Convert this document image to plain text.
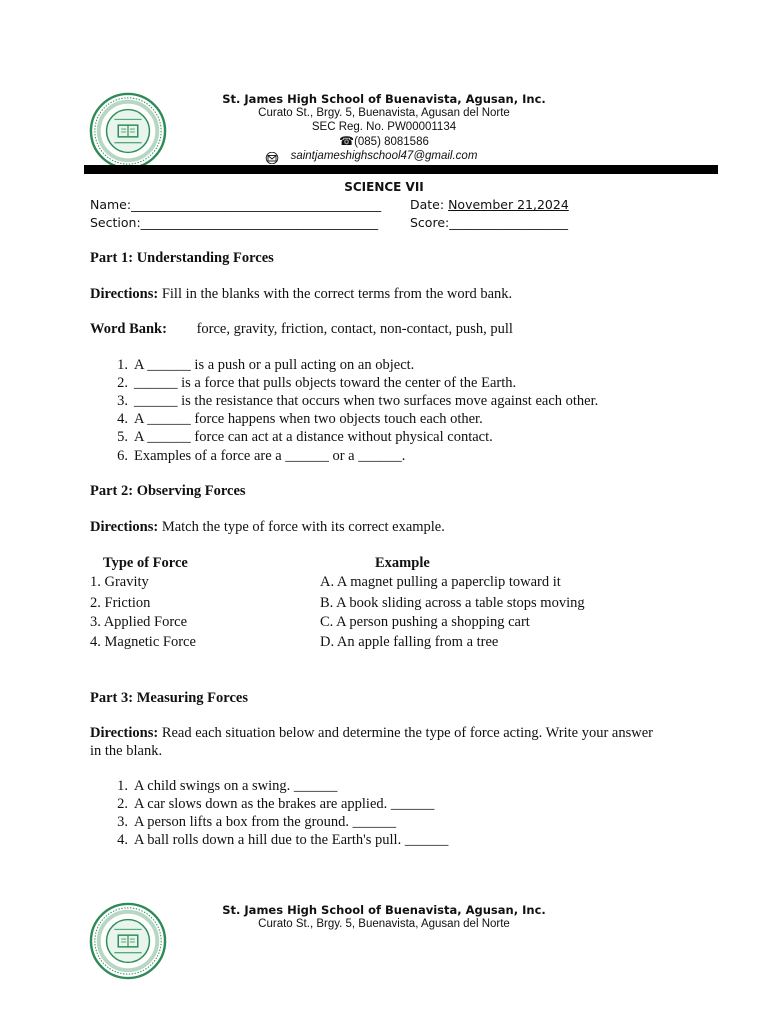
St. James High School of Buenavista, Agusan, Inc.
Curato St., Brgy. 5, Buenavista, Agusan del Norte
SEC Reg. No. PW00001134
☎(085) 8081586
saintjameshighschool47@gmail.com
SCIENCE VII
Name:________________________________________ Date: November 21,2024
Section:______________________________________	Score:___________________
Part 1: Understanding Forces
Directions: Fill in the blanks with the correct terms from the word bank.
Word Bank: force, gravity, friction, contact, non-contact, push, pull
1. A ______ is a push or a pull acting on an object.
2. ______ is a force that pulls objects toward the center of the Earth.
3. ______ is the resistance that occurs when two surfaces move against each other.
4. A ______ force happens when two objects touch each other.
5. A ______ force can act at a distance without physical contact.
6. Examples of a force are a ______ or a ______.
Part 2: Observing Forces
Directions: Match the type of force with its correct example.
Type of Force	Example
1. Gravity	A. A magnet pulling a paperclip toward it
2. Friction	B. A book sliding across a table stops moving
3. Applied Force	C. A person pushing a shopping cart
4. Magnetic Force	D. An apple falling from a tree
Part 3: Measuring Forces
Directions: Read each situation below and determine the type of force acting. Write your answer
in the blank.
1. A child swings on a swing. ______
2. A car slows down as the brakes are applied. ______
3. A person lifts a box from the ground. ______
4. A ball rolls down a hill due to the Earth's pull. ______
St. James High School of Buenavista, Agusan, Inc.
Curato St., Brgy. 5, Buenavista, Agusan del Norte
